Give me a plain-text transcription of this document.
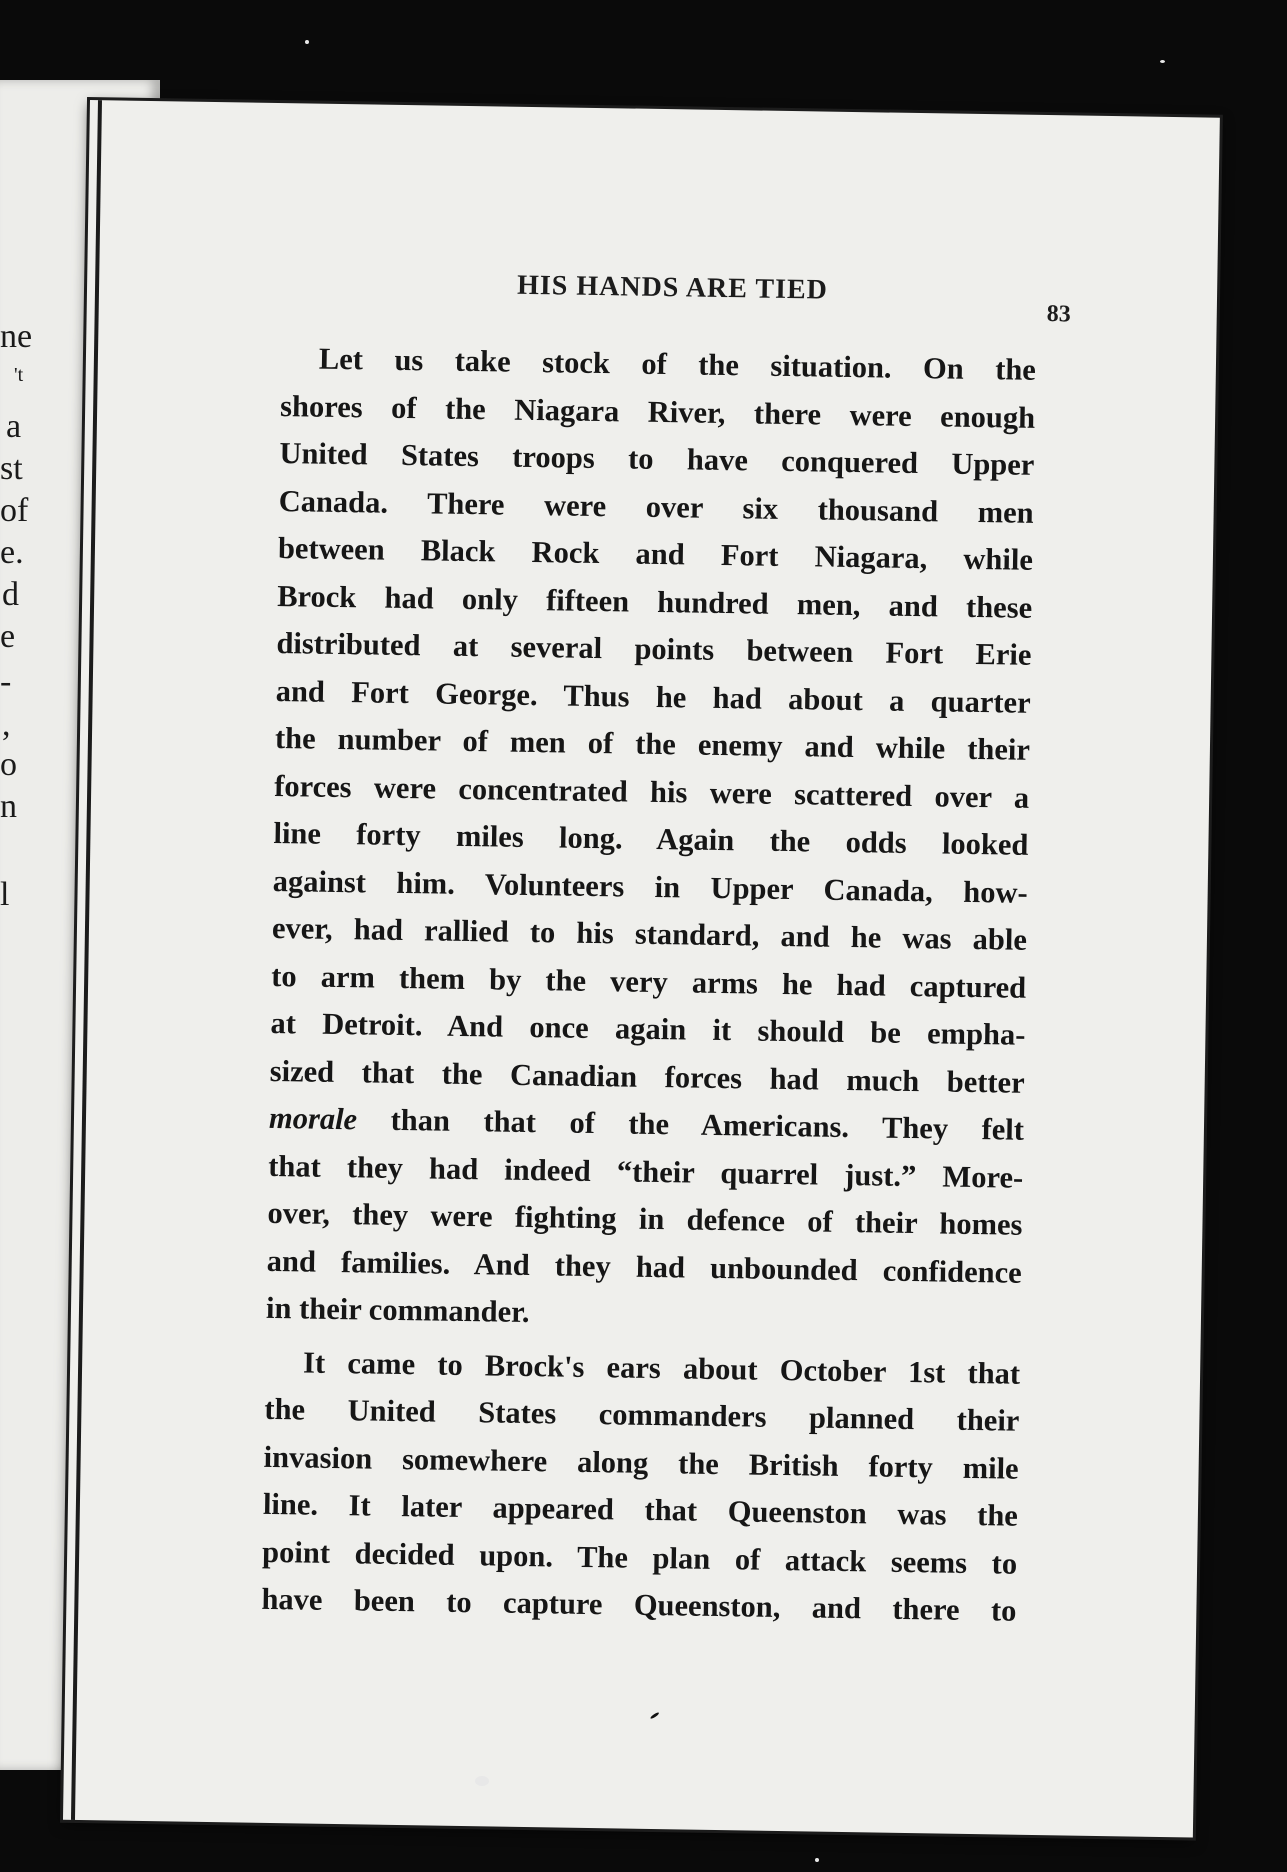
ne
't
a
st
of
e.
d
e
-
,
o
n
l
HIS HANDS ARE TIED
83
Let us take stock of the situation. On the
shores of the Niagara River, there were enough
United States troops to have conquered Upper
Canada. There were over six thousand men
between Black Rock and Fort Niagara, while
Brock had only fifteen hundred men, and these
distributed at several points between Fort Erie
and Fort George. Thus he had about a quarter
the number of men of the enemy and while their
forces were concentrated his were scattered over a
line forty miles long. Again the odds looked
against him. Volunteers in Upper Canada, how-
ever, had rallied to his standard, and he was able
to arm them by the very arms he had captured
at Detroit. And once again it should be empha-
sized that the Canadian forces had much better
morale than that of the Americans. They felt
that they had indeed “their quarrel just.” More-
over, they were fighting in defence of their homes
and families. And they had unbounded confidence
in their commander.
It came to Brock's ears about October 1st that
the United States commanders planned their
invasion somewhere along the British forty mile
line. It later appeared that Queenston was the
point decided upon. The plan of attack seems to
have been to capture Queenston, and there to
